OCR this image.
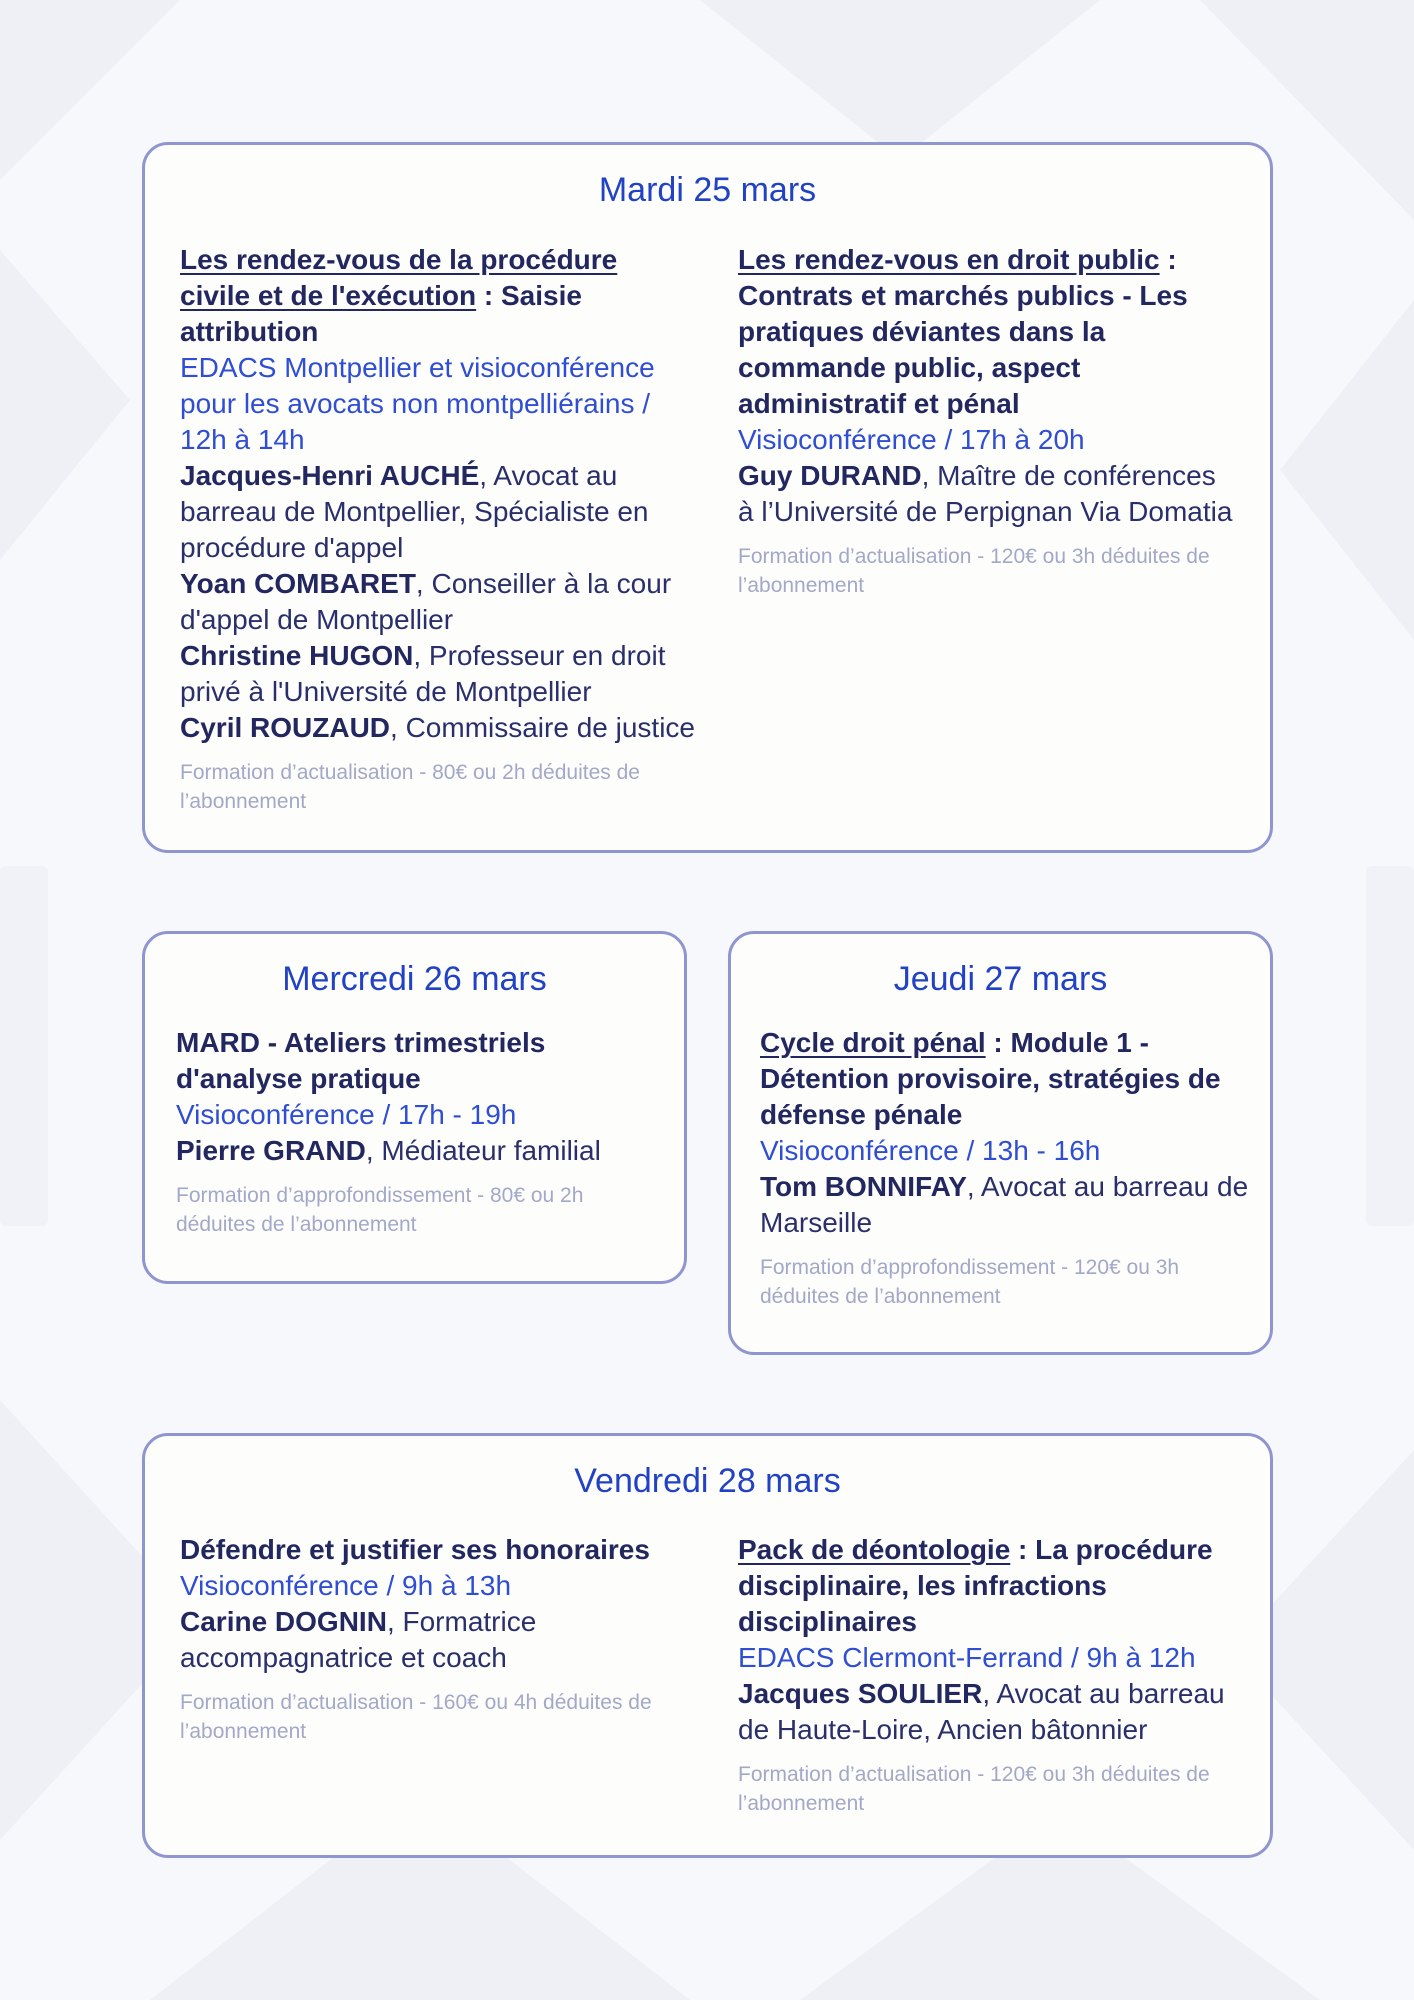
Mardi 25 mars

Les rendez-vous de la procédure civile et de l'exécution : Saisie attribution

EDACS Montpellier et visioconférence pour les avocats non montpelliérains / 12h à 14h

Jacques-Henri AUCHÉ, Avocat au barreau de Montpellier, Spécialiste en procédure d'appel

Yoan COMBARET, Conseiller à la cour d'appel de Montpellier

Christine HUGON, Professeur en droit privé à l'Université de Montpellier

Cyril ROUZAUD, Commissaire de justice

Formation d’actualisation - 80€ ou 2h déduites de l’abonnement

Les rendez-vous en droit public : Contrats et marchés publics - Les pratiques déviantes dans la commande public, aspect administratif et pénal

Visioconférence / 17h à 20h

Guy DURAND, Maître de conférences à l’Université de Perpignan Via Domatia

Formation d’actualisation - 120€ ou 3h déduites de l’abonnement

Mercredi 26 mars

MARD - Ateliers trimestriels d'analyse pratique

Visioconférence / 17h - 19h

Pierre GRAND, Médiateur familial

Formation d’approfondissement - 80€ ou 2h déduites de l’abonnement

Jeudi 27 mars

Cycle droit pénal : Module 1 - Détention provisoire, stratégies de défense pénale

Visioconférence / 13h - 16h

Tom BONNIFAY, Avocat au barreau de Marseille

Formation d’approfondissement - 120€ ou 3h déduites de l’abonnement

Vendredi 28 mars

Défendre et justifier ses honoraires

Visioconférence / 9h à 13h

Carine DOGNIN, Formatrice accompagnatrice et coach

Formation d’actualisation - 160€ ou 4h déduites de l’abonnement

Pack de déontologie : La procédure disciplinaire, les infractions disciplinaires

EDACS Clermont-Ferrand / 9h à 12h

Jacques SOULIER, Avocat au barreau de Haute-Loire, Ancien bâtonnier

Formation d’actualisation - 120€ ou 3h déduites de l’abonnement
